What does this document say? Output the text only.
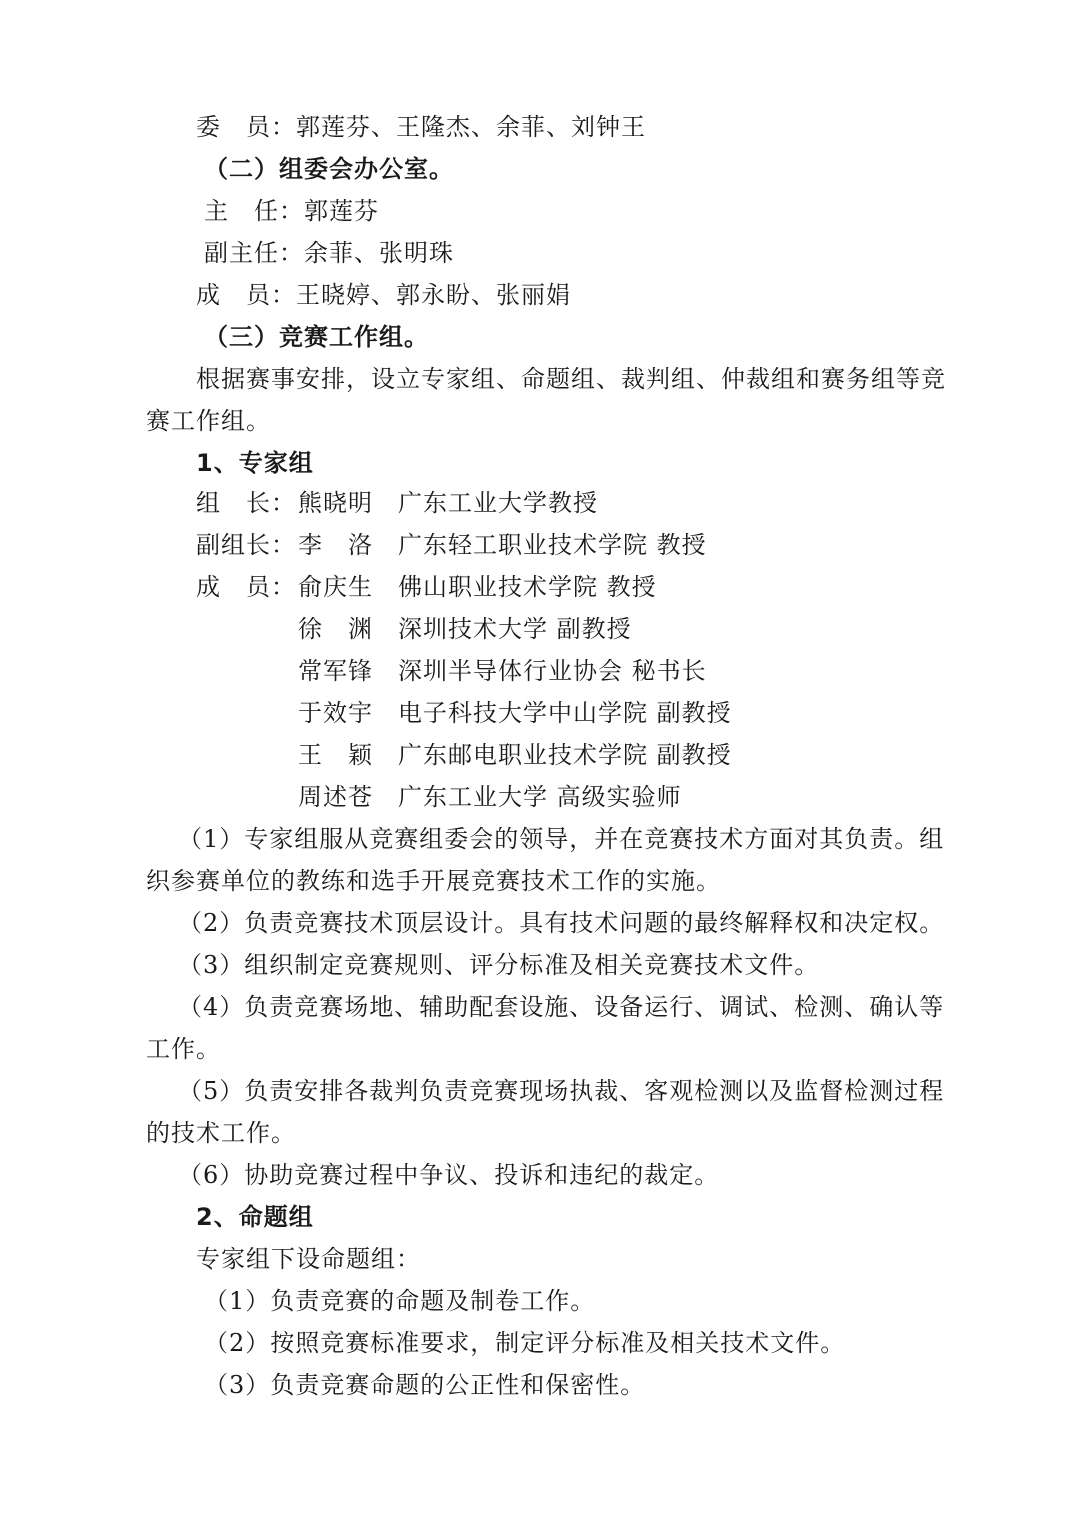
委　员：郭莲芬、王隆杰、余菲、刘钟王
（二）组委会办公室。
主　任：郭莲芬
副主任：余菲、张明珠
成　员：王晓婷、郭永盼、张丽娟
（三）竞赛工作组。
根据赛事安排，设立专家组、命题组、裁判组、仲裁组和赛务组等竞
赛工作组。
1、专家组
组　长： 熊晓明 广东工业大学教授
副组长： 李　洛 广东轻工职业技术学院 教授
成　员： 俞庆生 佛山职业技术学院 教授
徐　渊 深圳技术大学 副教授
常军锋 深圳半导体行业协会 秘书长
于效宇 电子科技大学中山学院 副教授
王　颖 广东邮电职业技术学院 副教授
周述苍 广东工业大学 高级实验师
（1）专家组服从竞赛组委会的领导，并在竞赛技术方面对其负责。组
织参赛单位的教练和选手开展竞赛技术工作的实施。
（2）负责竞赛技术顶层设计。具有技术问题的最终解释权和决定权。
（3）组织制定竞赛规则、评分标准及相关竞赛技术文件。
（4）负责竞赛场地、辅助配套设施、设备运行、调试、检测、确认等
工作。
（5）负责安排各裁判负责竞赛现场执裁、客观检测以及监督检测过程
的技术工作。
（6）协助竞赛过程中争议、投诉和违纪的裁定。
2、命题组
专家组下设命题组：
（1）负责竞赛的命题及制卷工作。
（2）按照竞赛标准要求，制定评分标准及相关技术文件。
（3）负责竞赛命题的公正性和保密性。
